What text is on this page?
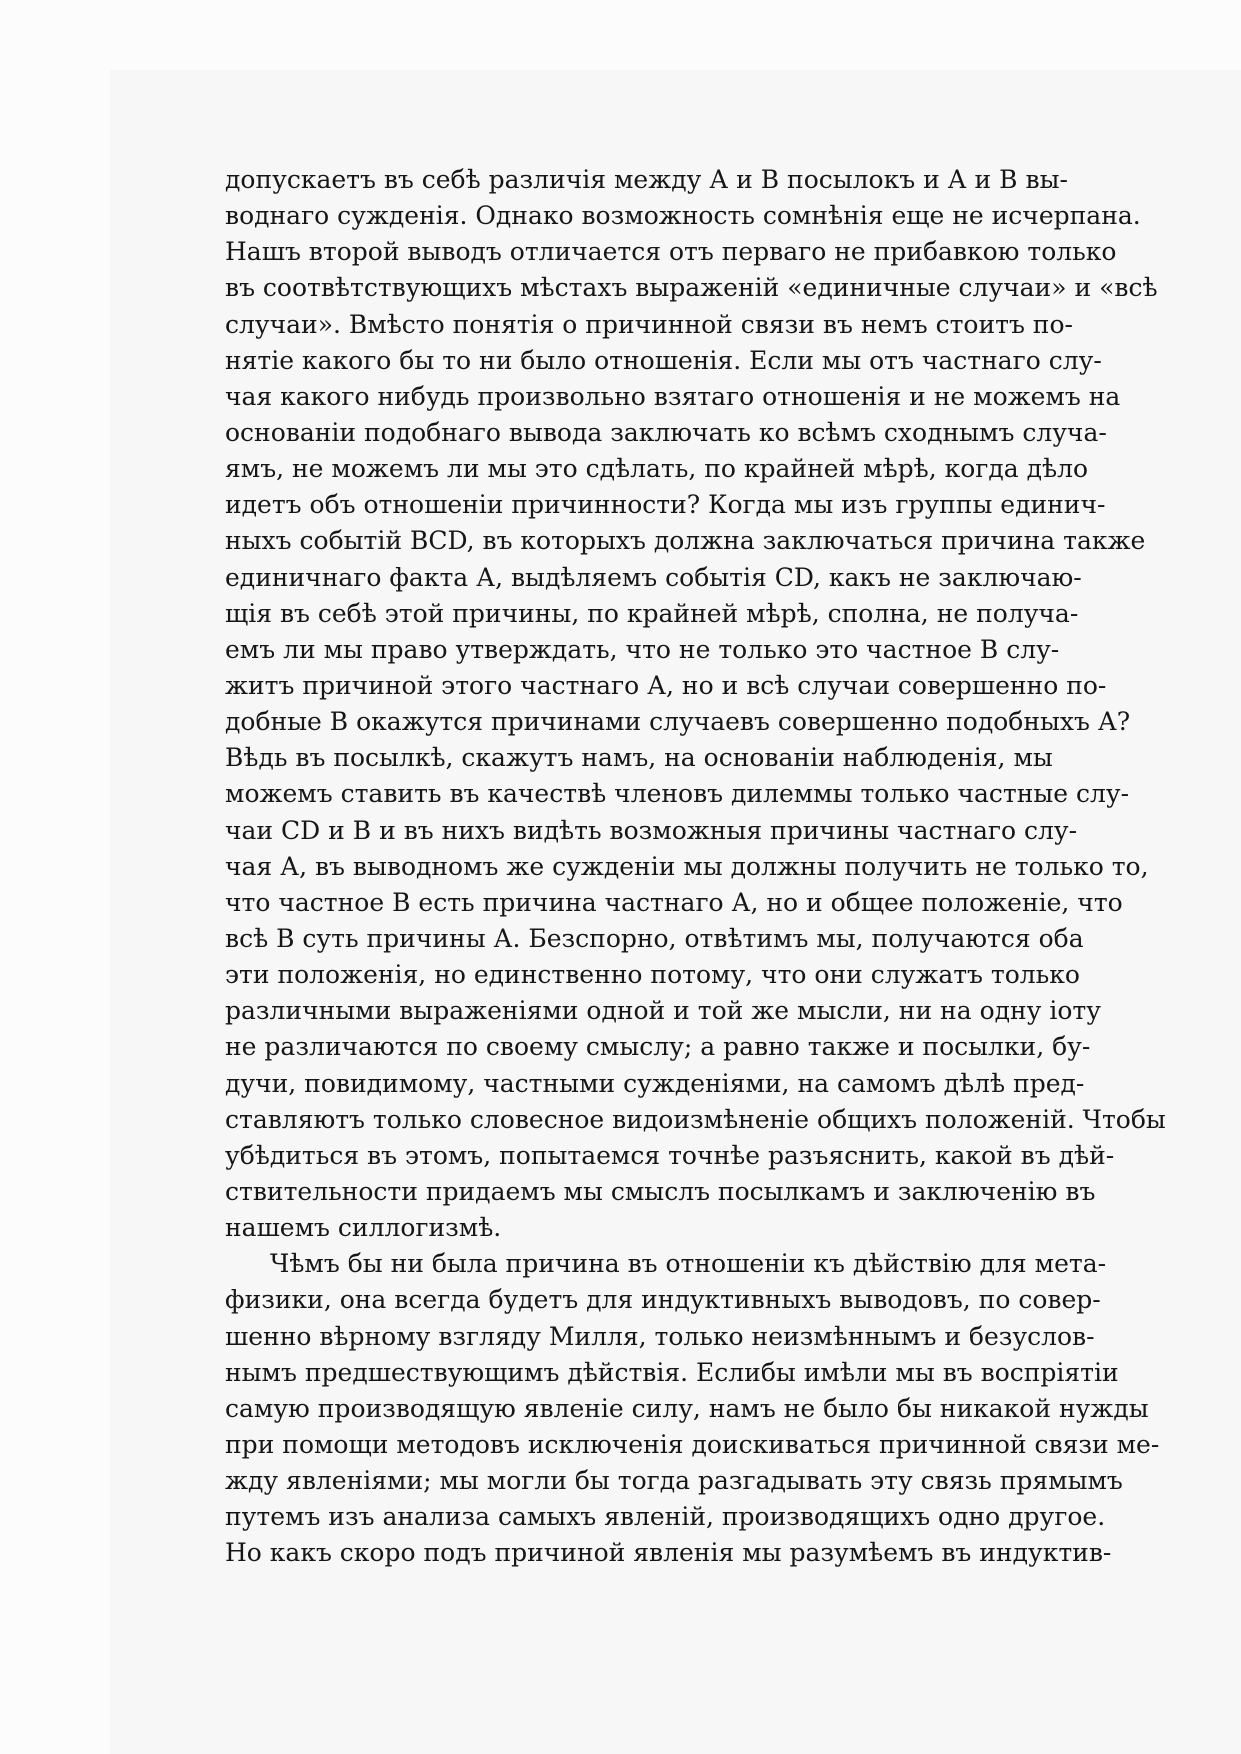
допускаетъ въ себѣ различія между А и В посылокъ и А и В вы-
воднаго сужденія. Однако возможность сомнѣнія еще не исчерпана.
Нашъ второй выводъ отличается отъ перваго не прибавкою только
въ соотвѣтствующихъ мѣстахъ выраженій «единичные случаи» и «всѣ
случаи». Вмѣсто понятія о причинной связи въ немъ стоитъ по-
нятіе какого бы то ни было отношенія. Если мы отъ частнаго слу-
чая какого нибудь произвольно взятаго отношенія и не можемъ на
основаніи подобнаго вывода заключать ко всѣмъ сходнымъ случа-
ямъ, не можемъ ли мы это сдѣлать, по крайней мѣрѣ, когда дѣло
идетъ объ отношеніи причинности? Когда мы изъ группы единич-
ныхъ событій ВСD, въ которыхъ должна заключаться причина также
единичнаго факта А, выдѣляемъ событія СD, какъ не заключаю-
щія въ себѣ этой причины, по крайней мѣрѣ, сполна, не получа-
емъ ли мы право утверждать, что не только это частное В слу-
житъ причиной этого частнаго А, но и всѣ случаи совершенно по-
добные В окажутся причинами случаевъ совершенно подобныхъ А?
Вѣдь въ посылкѣ, скажутъ намъ, на основаніи наблюденія, мы
можемъ ставить въ качествѣ членовъ дилеммы только частные слу-
чаи СD и В и въ нихъ видѣть возможныя причины частнаго слу-
чая А, въ выводномъ же сужденіи мы должны получить не только то,
что частное В есть причина частнаго А, но и общее положеніе, что
всѣ В суть причины А. Безспорно, отвѣтимъ мы, получаются оба
эти положенія, но единственно потому, что они служатъ только
различными выраженіями одной и той же мысли, ни на одну іоту
не различаются по своему смыслу; а равно также и посылки, бу-
дучи, повидимому, частными сужденіями, на самомъ дѣлѣ пред-
ставляютъ только словесное видоизмѣненіе общихъ положеній. Чтобы
убѣдиться въ этомъ, попытаемся точнѣе разъяснить, какой въ дѣй-
ствительности придаемъ мы смыслъ посылкамъ и заключенію въ
нашемъ силлогизмѣ.
Чѣмъ бы ни была причина въ отношеніи къ дѣйствію для мета-
физики, она всегда будетъ для индуктивныхъ выводовъ, по совер-
шенно вѣрному взгляду Милля, только неизмѣннымъ и безуслов-
нымъ предшествующимъ дѣйствія. Еслибы имѣли мы въ воспріятіи
самую производящую явленіе силу, намъ не было бы никакой нужды
при помощи методовъ исключенія доискиваться причинной связи ме-
жду явленіями; мы могли бы тогда разгадывать эту связь прямымъ
путемъ изъ анализа самыхъ явленій, производящихъ одно другое.
Но какъ скоро подъ причиной явленія мы разумѣемъ въ индуктив-
